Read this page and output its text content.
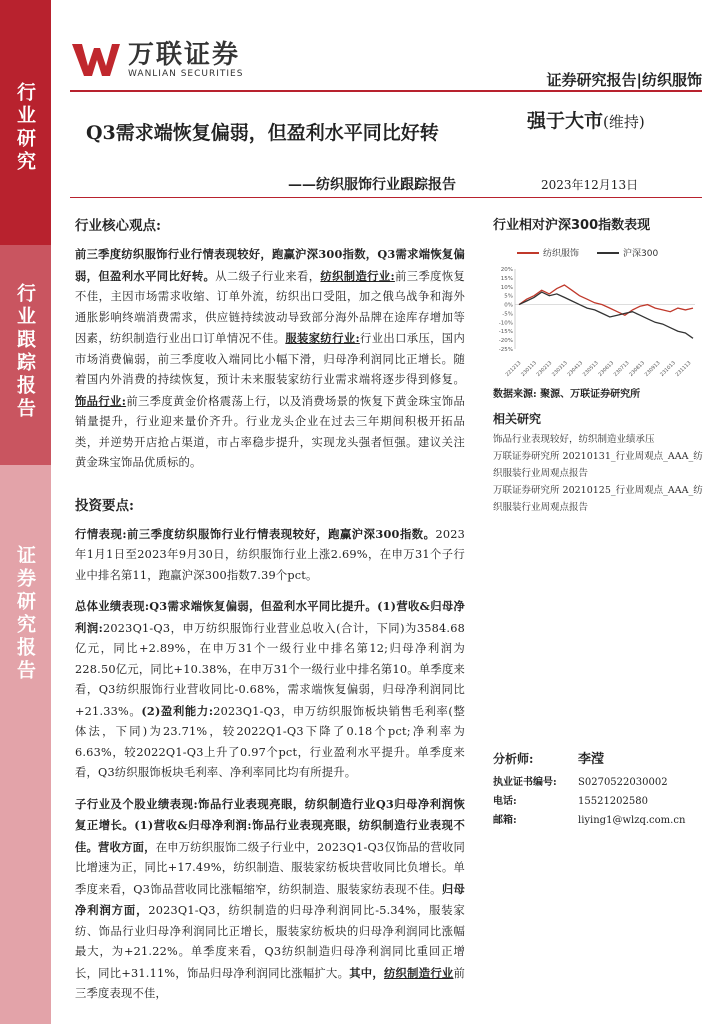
行业研究
行业跟踪报告
证券研究报告
万联证券
WANLIAN SECURITIES	证券研究报告|纺织服饰
Q3需求端恢复偏弱，但盈利水平同比好转
强于大市(维持)
——纺织服饰行业跟踪报告	2023年12月13日
行业核心观点:
前三季度纺织服饰行业行情表现较好，跑赢沪深300指数，Q3需求端恢复偏弱，但盈利水平同比好转。从二级子行业来看，纺织制造行业:前三季度恢复不佳，主因市场需求收缩、订单外流，纺织出口受阻，加之俄乌战争和海外通胀影响终端消费需求，供应链持续波动导致部分海外品牌在途库存增加等因素，纺织制造行业出口订单情况不佳。服装家纺行业:行业出口承压，国内市场消费偏弱，前三季度收入端同比小幅下滑，归母净利润同比正增长。随着国内外消费的持续恢复，预计未来服装家纺行业需求端将逐步得到修复。饰品行业:前三季度黄金价格震荡上行，以及消费场景的恢复下黄金珠宝饰品销量提升，行业迎来量价齐升。行业龙头企业在过去三年期间积极开拓品类，并逆势开店抢占渠道，市占率稳步提升，实现龙头强者恒强。建议关注黄金珠宝饰品优质标的。
投资要点:
行情表现:前三季度纺织服饰行业行情表现较好，跑赢沪深300指数。2023年1月1日至2023年9月30日，纺织服饰行业上涨2.69%，在申万31个子行业中排名第11，跑赢沪深300指数7.39个pct。
总体业绩表现:Q3需求端恢复偏弱，但盈利水平同比提升。(1)营收&归母净利润:2023Q1-Q3，申万纺织服饰行业营业总收入(合计，下同)为3584.68亿元，同比+2.89%，在申万31个一级行业中排名第12;归母净利润为228.50亿元，同比+10.38%，在申万31个一级行业中排名第10。单季度来看，Q3纺织服饰行业营收同比-0.68%，需求端恢复偏弱，归母净利润同比+21.33%。(2)盈利能力:2023Q1-Q3，申万纺织服饰板块销售毛利率(整体法，下同)为23.71%，较2022Q1-Q3下降了0.18个pct;净利率为6.63%，较2022Q1-Q3上升了0.97个pct，行业盈利水平提升。单季度来看，Q3纺织服饰板块毛利率、净利率同比均有所提升。
子行业及个股业绩表现:饰品行业表现亮眼，纺织制造行业Q3归母净利润恢复正增长。(1)营收&归母净利润:饰品行业表现亮眼，纺织制造行业表现不佳。营收方面，在申万纺织服饰二级子行业中，2023Q1-Q3仅饰品的营收同比增速为正，同比+17.49%，纺织制造、服装家纺板块营收同比负增长。单季度来看，Q3饰品营收同比涨幅缩窄，纺织制造、服装家纺表现不佳。归母净利润方面，2023Q1-Q3，纺织制造的归母净利润同比-5.34%，服装家纺、饰品行业归母净利润同比正增长，服装家纺板块的归母净利润同比涨幅最大，为+21.22%。单季度来看，Q3纺织制造归母净利润同比重回正增长，同比+31.11%，饰品归母净利润同比涨幅扩大。其中，纺织制造行业前三季度表现不佳，
行业相对沪深300指数表现
纺织服饰	沪深300
20%
15%
10%
5%
0%
-5%
-10%
-15%
-20%
-25%
221213
230113
230213
230313
230413
230513
230613
230713
230813
230913
231013
231113
数据来源: 聚源、万联证券研究所
相关研究
饰品行业表现较好，纺织制造业绩承压
万联证券研究所 20210131_行业周观点_AAA_纺织服装行业周观点报告
万联证券研究所 20210125_行业周观点_AAA_纺织服装行业周观点报告
分析师:	李滢
执业证书编号:	S0270522030002
电话:	15521202580
邮箱:	liying1@wlzq.com.cn
